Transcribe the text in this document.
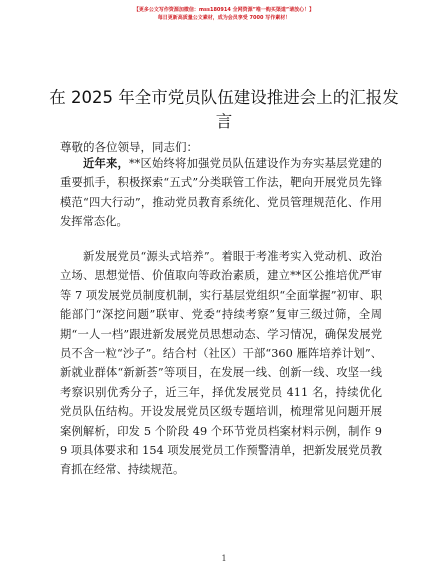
【更多公文写作资源加微信：mss180914 全网资源”唯一购买渠道”请放心！】
每日更新高质量公文素材，成为会员享受 7000 写作素材！
在 2025 年全市党员队伍建设推进会上的汇报发言
尊敬的各位领导，同志们：
近年来，**区始终将加强党员队伍建设作为夯实基层党建的重要抓手，积极探索“五式”分类联管工作法，靶向开展党员先锋模范“四大行动”，推动党员教育系统化、党员管理规范化、作用发挥常态化。
新发展党员“源头式培养”。着眼于考准考实入党动机、政治立场、思想觉悟、价值取向等政治素质，建立**区公推培优严审等 7 项发展党员制度机制，实行基层党组织“全面掌握”初审、职能部门“深挖问题”联审、党委“持续考察”复审三级过筛，全周期“一人一档”跟进新发展党员思想动态、学习情况，确保发展党员不含一粒“沙子”。结合村（社区）干部“360 雁阵培养计划”、新就业群体“新新荟”等项目，在发展一线、创新一线、攻坚一线考察识别优秀分子，近三年，择优发展党员 411 名，持续优化党员队伍结构。开设发展党员区级专题培训，梳理常见问题开展案例解析，印发 5 个阶段 49 个环节党员档案材料示例，制作 99 项具体要求和 154 项发展党员工作预警清单，把新发展党员教育抓在经常、持续规范。
1
